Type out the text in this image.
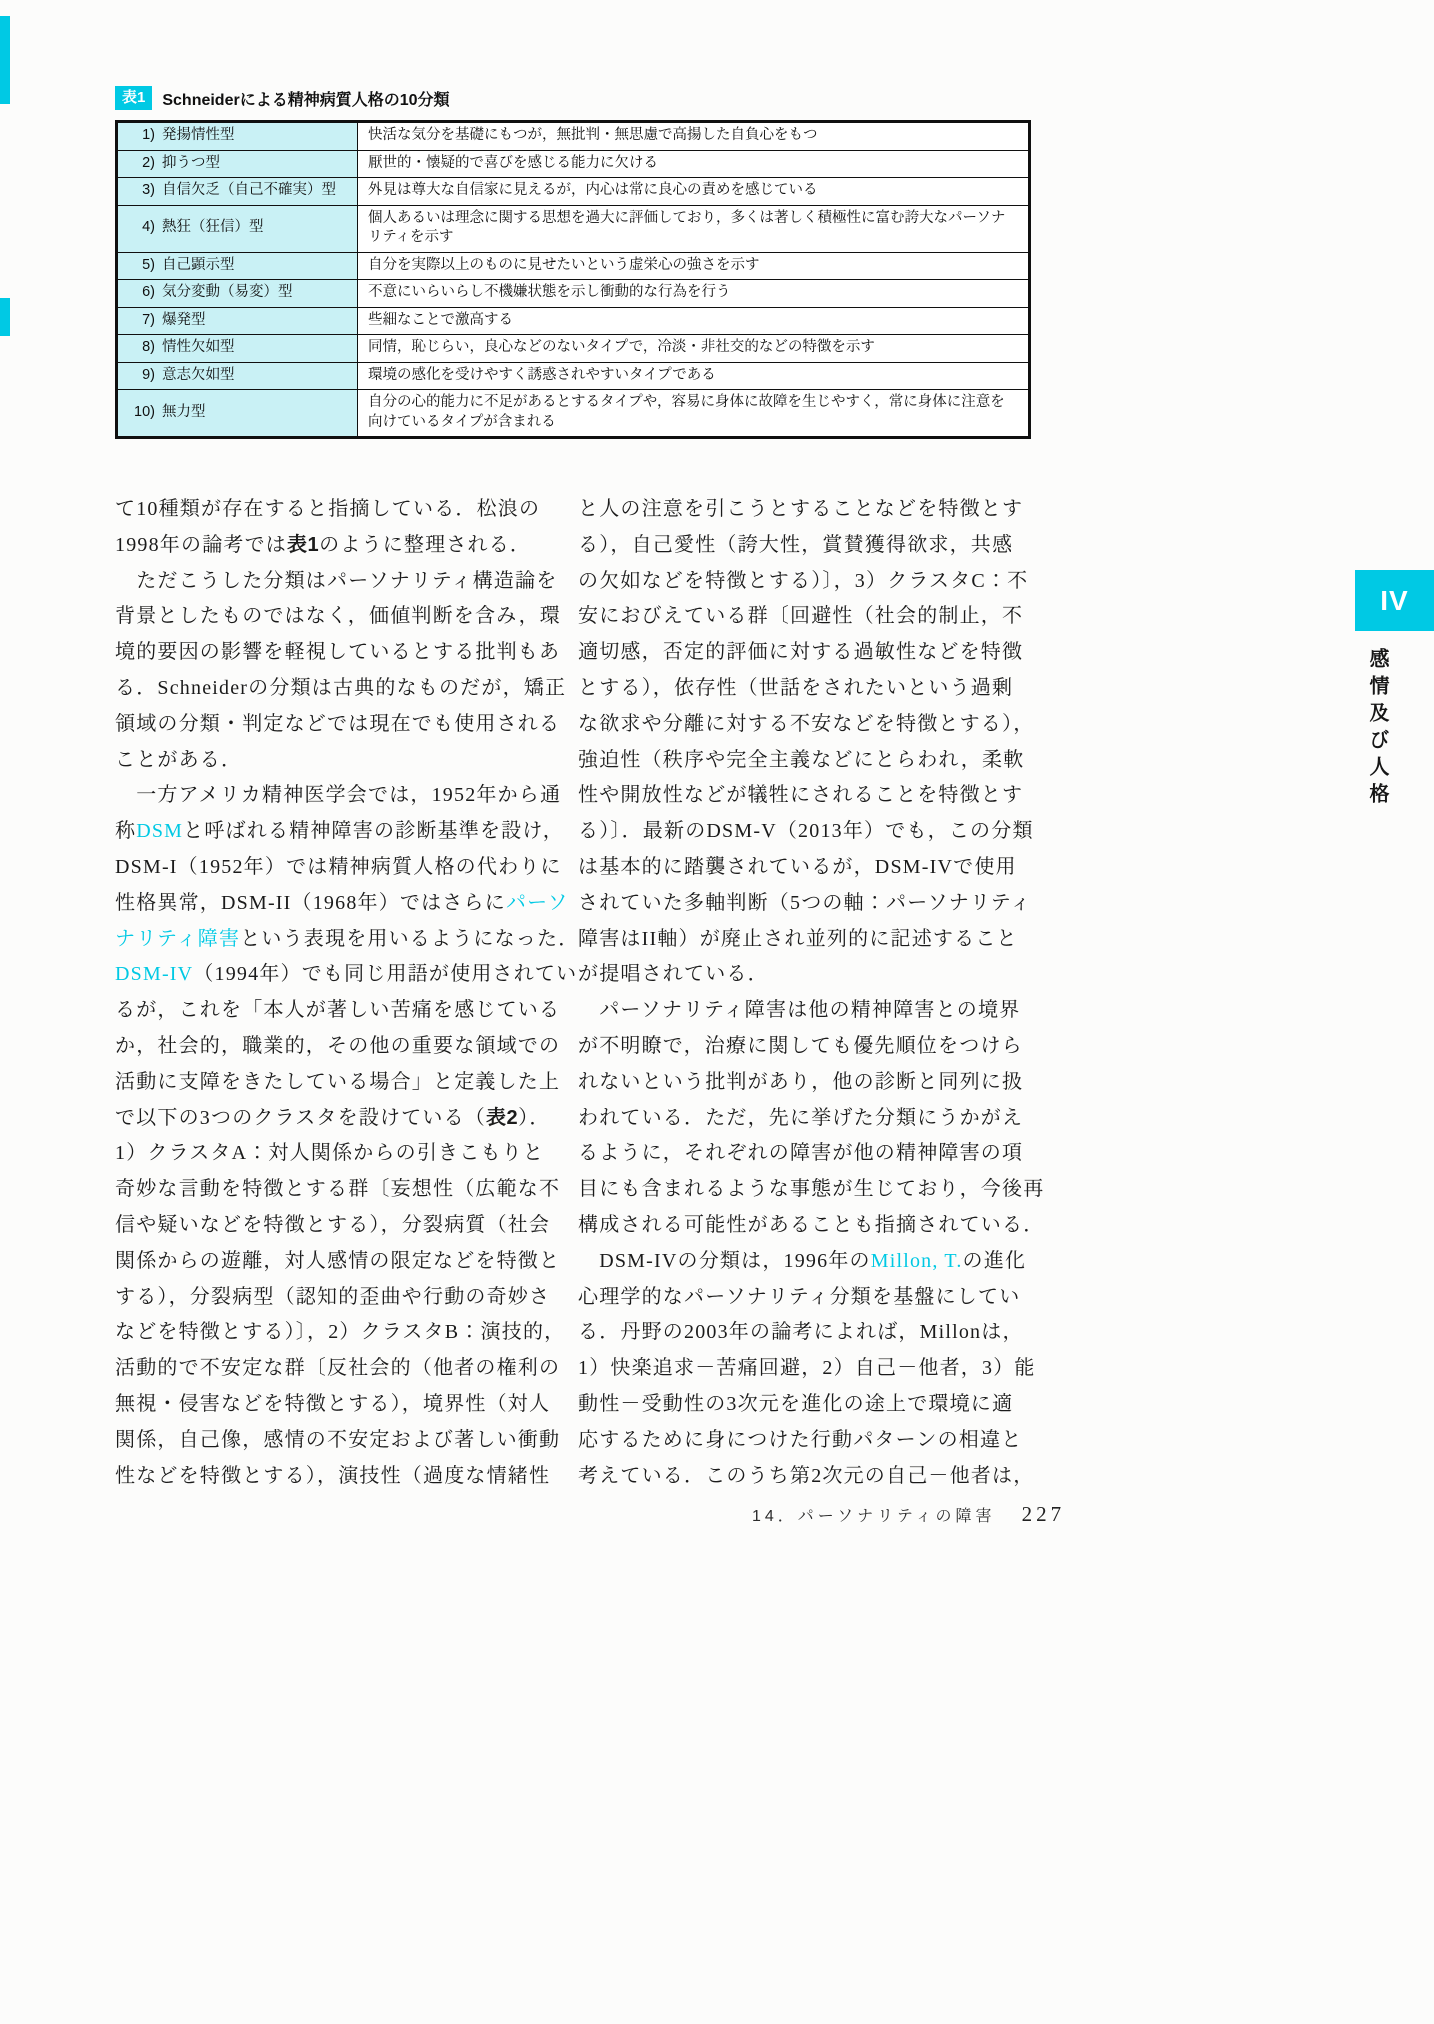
表1	Schneiderによる精神病質人格の10分類
1) 発揚情性型	快活な気分を基礎にもつが，無批判・無思慮で高揚した自負心をもつ
2) 抑うつ型	厭世的・懐疑的で喜びを感じる能力に欠ける
3) 自信欠乏（自己不確実）型	外見は尊大な自信家に見えるが，内心は常に良心の責めを感じている
4) 熱狂（狂信）型	個人あるいは理念に関する思想を過大に評価しており，多くは著しく積極性に富む誇大なパーソナリティを示す
5) 自己顕示型	自分を実際以上のものに見せたいという虚栄心の強さを示す
6) 気分変動（易変）型	不意にいらいらし不機嫌状態を示し衝動的な行為を行う
7) 爆発型	些細なことで激高する
8) 情性欠如型	同情，恥じらい，良心などのないタイプで，冷淡・非社交的などの特徴を示す
9) 意志欠如型	環境の感化を受けやすく誘惑されやすいタイプである
10) 無力型	自分の心的能力に不足があるとするタイプや，容易に身体に故障を生じやすく，常に身体に注意を向けているタイプが含まれる
て10種類が存在すると指摘している．松浪の
1998年の論考では表1のように整理される．
　ただこうした分類はパーソナリティ構造論を
背景としたものではなく，価値判断を含み，環
境的要因の影響を軽視しているとする批判もあ
る．Schneiderの分類は古典的なものだが，矯正
領域の分類・判定などでは現在でも使用される
ことがある．
　一方アメリカ精神医学会では，1952年から通
称DSMと呼ばれる精神障害の診断基準を設け，
DSM-I（1952年）では精神病質人格の代わりに
性格異常，DSM-II（1968年）ではさらにパーソ
ナリティ障害という表現を用いるようになった．
DSM-IV（1994年）でも同じ用語が使用されてい
るが，これを「本人が著しい苦痛を感じている
か，社会的，職業的，その他の重要な領域での
活動に支障をきたしている場合」と定義した上
で以下の3つのクラスタを設けている（表2）．
1）クラスタA：対人関係からの引きこもりと
奇妙な言動を特徴とする群〔妄想性（広範な不
信や疑いなどを特徴とする），分裂病質（社会
関係からの遊離，対人感情の限定などを特徴と
する），分裂病型（認知的歪曲や行動の奇妙さ
などを特徴とする）〕，2）クラスタB：演技的，
活動的で不安定な群〔反社会的（他者の権利の
無視・侵害などを特徴とする），境界性（対人
関係，自己像，感情の不安定および著しい衝動
性などを特徴とする），演技性（過度な情緒性
と人の注意を引こうとすることなどを特徴とす
る），自己愛性（誇大性，賞賛獲得欲求，共感
の欠如などを特徴とする）〕，3）クラスタC：不
安におびえている群〔回避性（社会的制止，不
適切感，否定的評価に対する過敏性などを特徴
とする），依存性（世話をされたいという過剰
な欲求や分離に対する不安などを特徴とする），
強迫性（秩序や完全主義などにとらわれ，柔軟
性や開放性などが犠牲にされることを特徴とす
る）〕．最新のDSM-V（2013年）でも，この分類
は基本的に踏襲されているが，DSM-IVで使用
されていた多軸判断（5つの軸：パーソナリティ
障害はII軸）が廃止され並列的に記述すること
が提唱されている．
　パーソナリティ障害は他の精神障害との境界
が不明瞭で，治療に関しても優先順位をつけら
れないという批判があり，他の診断と同列に扱
われている．ただ，先に挙げた分類にうかがえ
るように，それぞれの障害が他の精神障害の項
目にも含まれるような事態が生じており，今後再
構成される可能性があることも指摘されている．
　DSM-IVの分類は，1996年のMillon, T.の進化
心理学的なパーソナリティ分類を基盤にしてい
る．丹野の2003年の論考によれば，Millonは，
1）快楽追求－苦痛回避，2）自己－他者，3）能
動性－受動性の3次元を進化の途上で環境に適
応するために身につけた行動パターンの相違と
考えている．このうち第2次元の自己－他者は，
IV
感情及び人格
14．パーソナリティの障害 227
